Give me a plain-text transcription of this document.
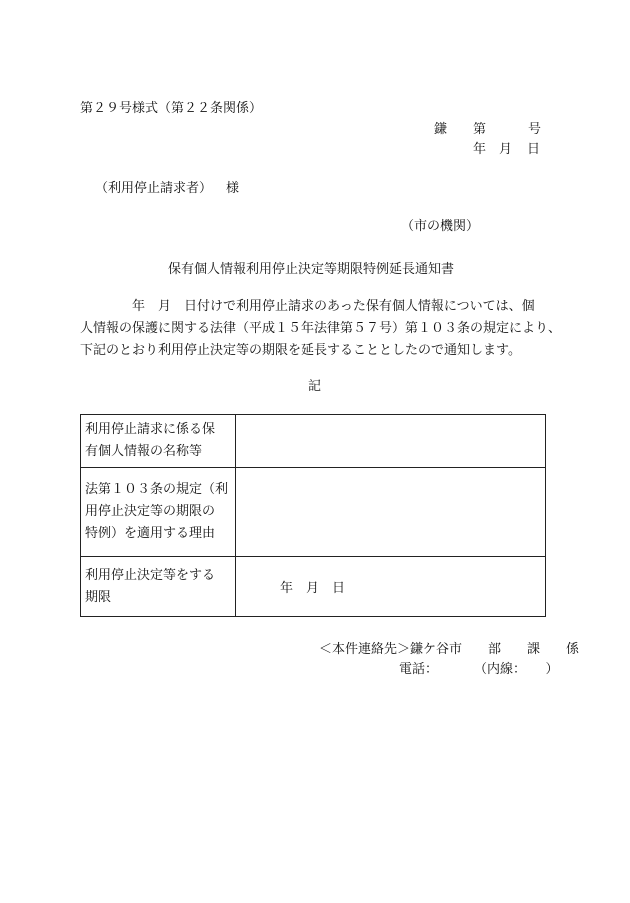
第２９号様式（第２２条関係）
鎌 第	号
年 月 日
（利用停止請求者） 様
（市の機関）
保有個人情報利用停止決定等期限特例延長通知書
　　　　年　月　日付けで利用停止請求のあった保有個人情報については、個
人情報の保護に関する法律（平成１５年法律第５７号）第１０３条の規定により、
下記のとおり利用停止決定等の期限を延長することとしたので通知します。
記
利用停止請求に係る保
有個人情報の名称等	

法第１０３条の規定（利
用停止決定等の期限の
特例）を適用する理由	

利用停止決定等をする
期限	年　月　日
＜本件連絡先＞鎌ケ谷市　　部　　課　　係
電話：	（内線：　　）
